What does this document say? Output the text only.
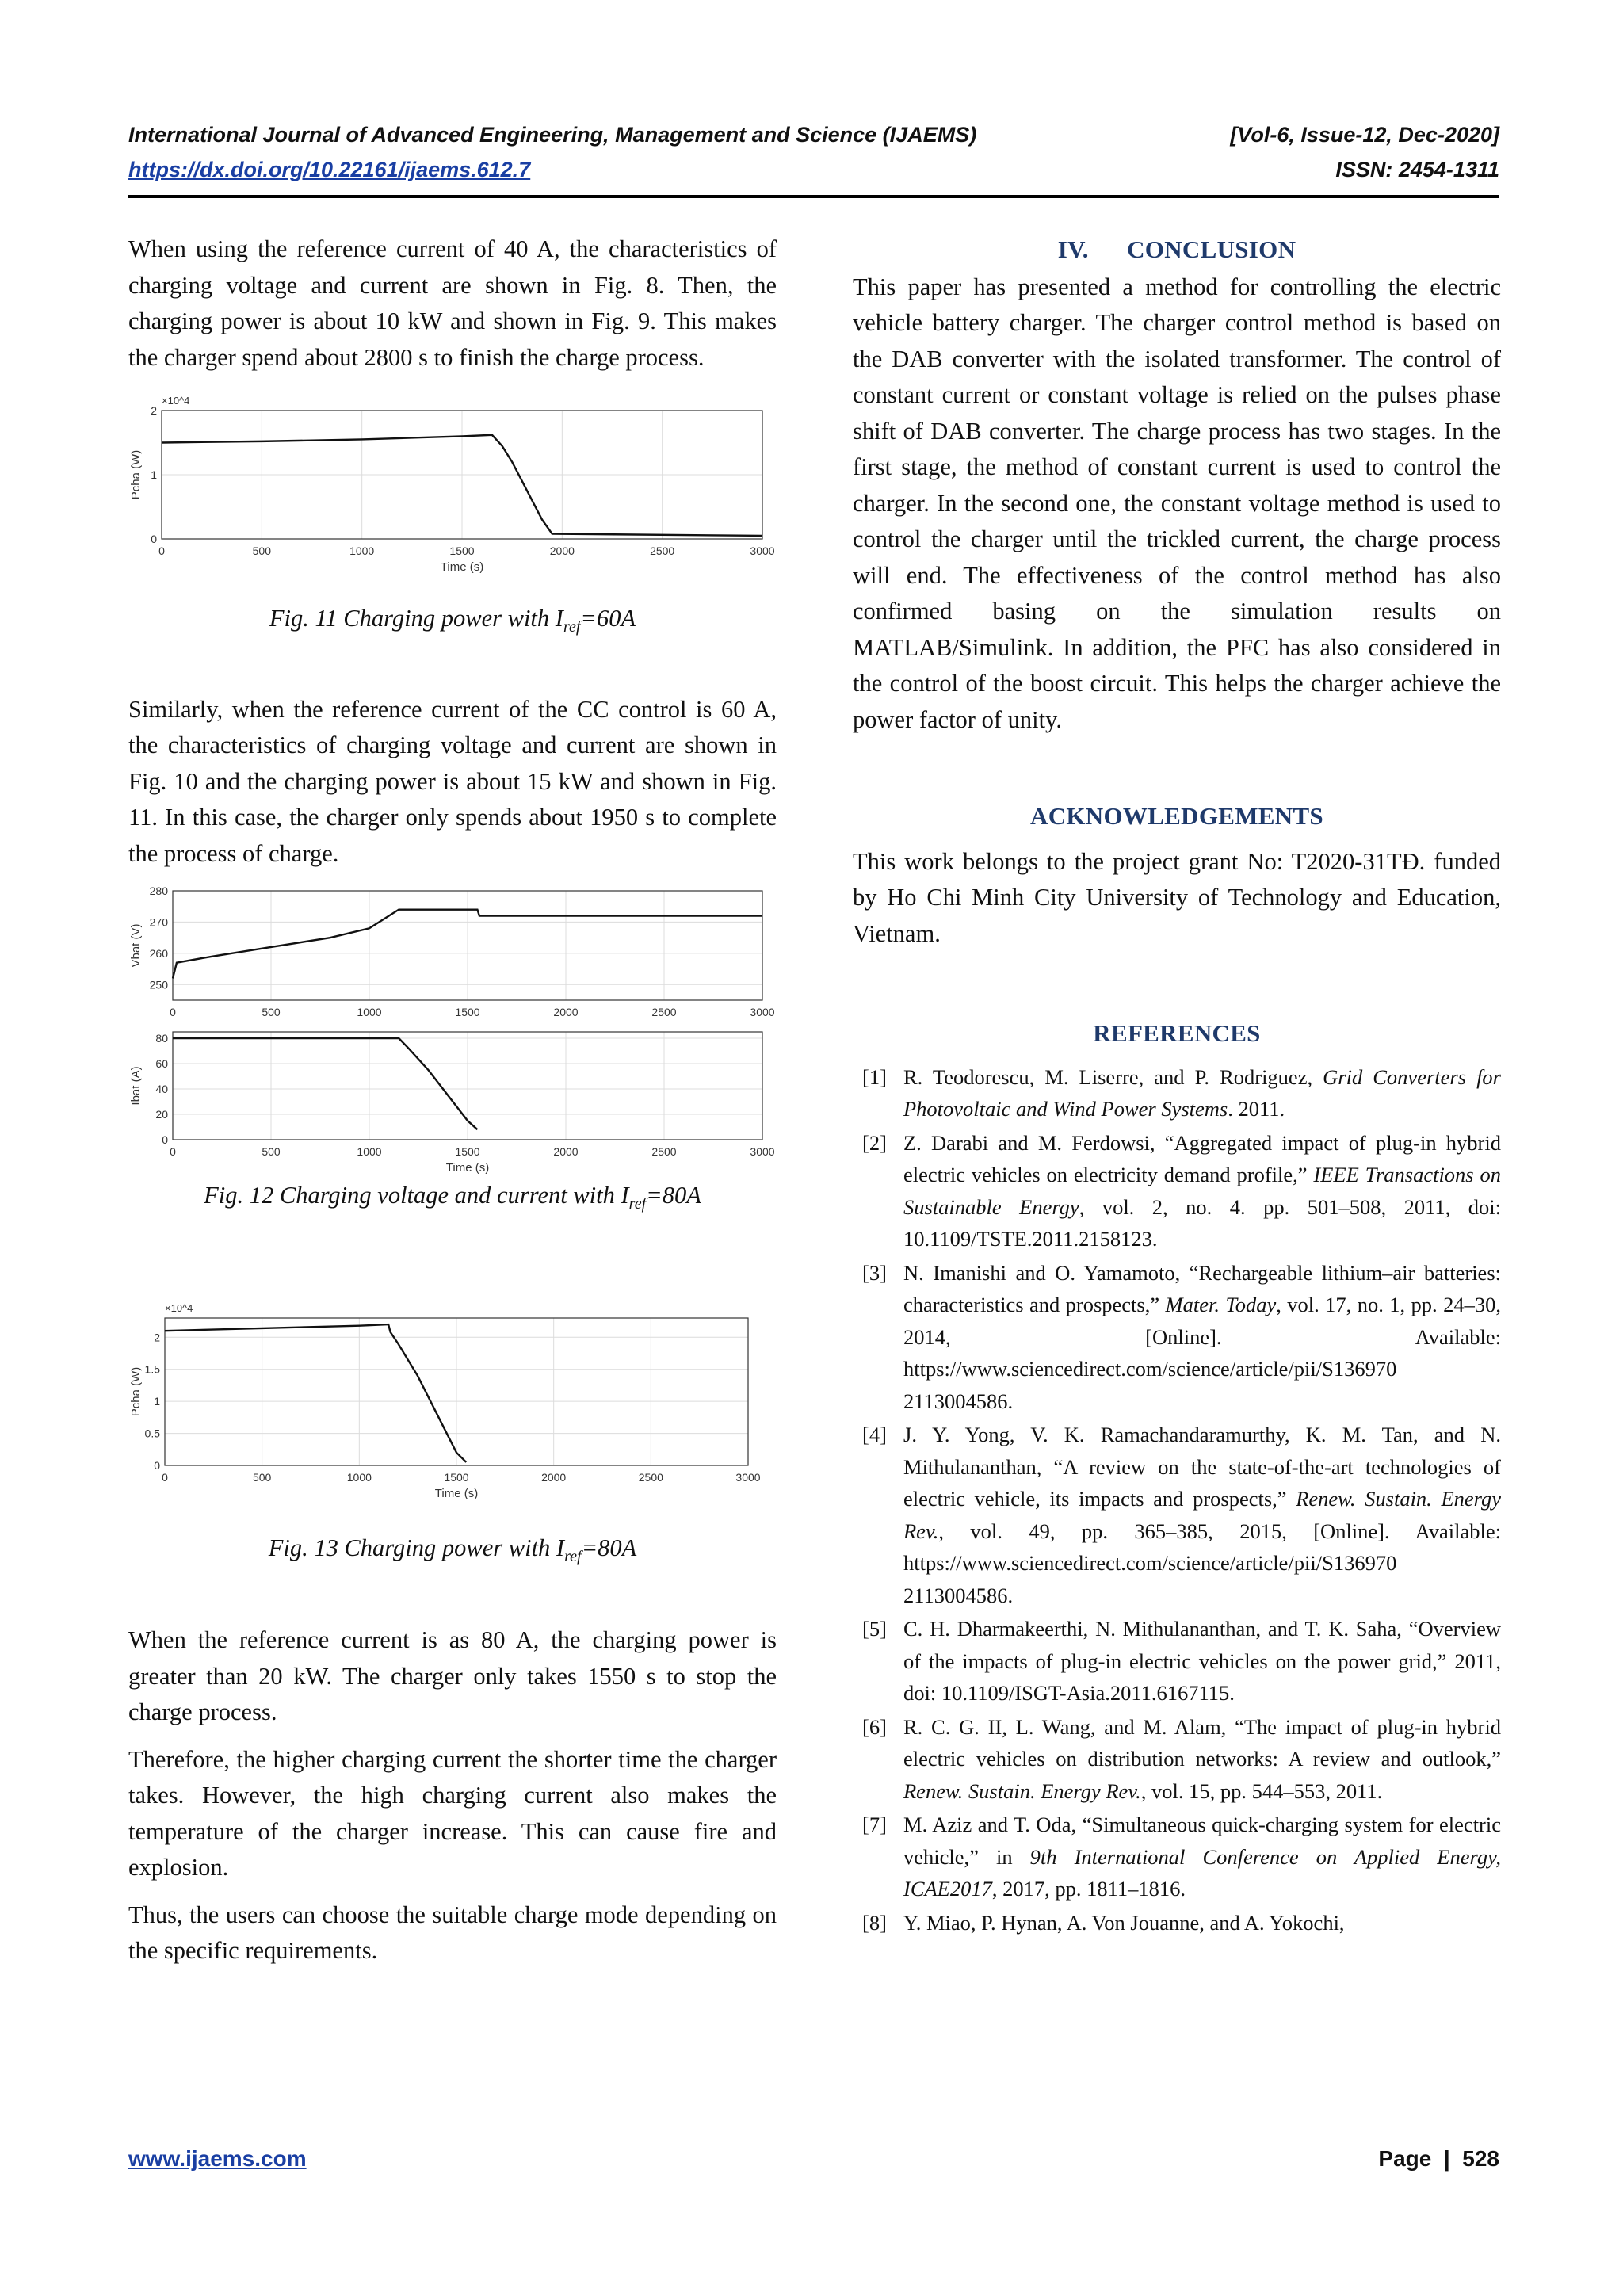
International Journal of Advanced Engineering, Management and Science (IJAEMS)	[Vol-6, Issue-12, Dec-2020]
https://dx.doi.org/10.22161/ijaems.612.7	ISSN: 2454-1311

When using the reference current of 40 A, the characteristics of charging voltage and current are shown in Fig. 8. Then, the charging power is about 10 kW and shown in Fig. 9. This makes the charger spend about 2800 s to finish the charge process.

0	500	1000	1500	2000	2500	3000
0
1
2
Time (s)
Pcha (W)
×10^4
Fig. 11 Charging power with $I_{ref}=60A$

Similarly, when the reference current of the CC control is 60 A, the characteristics of charging voltage and current are shown in Fig. 10 and the charging power is about 15 kW and shown in Fig. 11. In this case, the charger only spends about 1950 s to complete the process of charge.

0	500	1000	1500	2000	2500	3000
250
260
270
280
Vbat (V)
0	500	1000	1500	2000	2500	3000
0
20
40
60
80
Time (s)
Ibat (A)
Fig. 12 Charging voltage and current with $I_{ref}=80A$
0	500	1000	1500	2000	2500	3000
0
0.5
1
1.5
2
Time (s)
Pcha (W)
×10^4
Fig. 13 Charging power with $I_{ref}=80A$

When the reference current is as 80 A, the charging power is greater than 20 kW. The charger only takes 1550 s to stop the charge process.

Therefore, the higher charging current the shorter time the charger takes. However, the high charging current also makes the temperature of the charger increase. This can cause fire and explosion.

Thus, the users can choose the suitable charge mode depending on the specific requirements.

IV. CONCLUSION

This paper has presented a method for controlling the electric vehicle battery charger. The charger control method is based on the DAB converter with the isolated transformer. The control of constant current or constant voltage is relied on the pulses phase shift of DAB converter. The charge process has two stages. In the first stage, the method of constant current is used to control the charger. In the second one, the constant voltage method is used to control the charger until the trickled current, the charge process will end. The effectiveness of the control method has also confirmed basing on the simulation results on MATLAB/Simulink. In addition, the PFC has also considered in the control of the boost circuit. This helps the charger achieve the power factor of unity.

ACKNOWLEDGEMENTS

This work belongs to the project grant No: T2020-31TĐ. funded by Ho Chi Minh City University of Technology and Education, Vietnam.

REFERENCES
[1] R. Teodorescu, M. Liserre, and P. Rodriguez, Grid Converters for Photovoltaic and Wind Power Systems. 2011.
[2] Z. Darabi and M. Ferdowsi, “Aggregated impact of plug-in hybrid electric vehicles on electricity demand profile,” IEEE Transactions on Sustainable Energy, vol. 2, no. 4. pp. 501–508, 2011, doi: 10.1109/TSTE.2011.2158123.
[3] N. Imanishi and O. Yamamoto, “Rechargeable lithium–air batteries: characteristics and prospects,” Mater. Today, vol. 17, no. 1, pp. 24–30, 2014, [Online]. Available: https://www.sciencedirect.com/science/article/pii/S136970 2113004586.
[4] J. Y. Yong, V. K. Ramachandaramurthy, K. M. Tan, and N. Mithulananthan, “A review on the state-of-the-art technologies of electric vehicle, its impacts and prospects,” Renew. Sustain. Energy Rev., vol. 49, pp. 365–385, 2015, [Online]. Available: https://www.sciencedirect.com/science/article/pii/S136970 2113004586.
[5] C. H. Dharmakeerthi, N. Mithulananthan, and T. K. Saha, “Overview of the impacts of plug-in electric vehicles on the power grid,” 2011, doi: 10.1109/ISGT-Asia.2011.6167115.
[6] R. C. G. II, L. Wang, and M. Alam, “The impact of plug-in hybrid electric vehicles on distribution networks: A review and outlook,” Renew. Sustain. Energy Rev., vol. 15, pp. 544–553, 2011.
[7] M. Aziz and T. Oda, “Simultaneous quick-charging system for electric vehicle,” in 9th International Conference on Applied Energy, ICAE2017, 2017, pp. 1811–1816.
[8] Y. Miao, P. Hynan, A. Von Jouanne, and A. Yokochi,
www.ijaems.com	Page  |  528
